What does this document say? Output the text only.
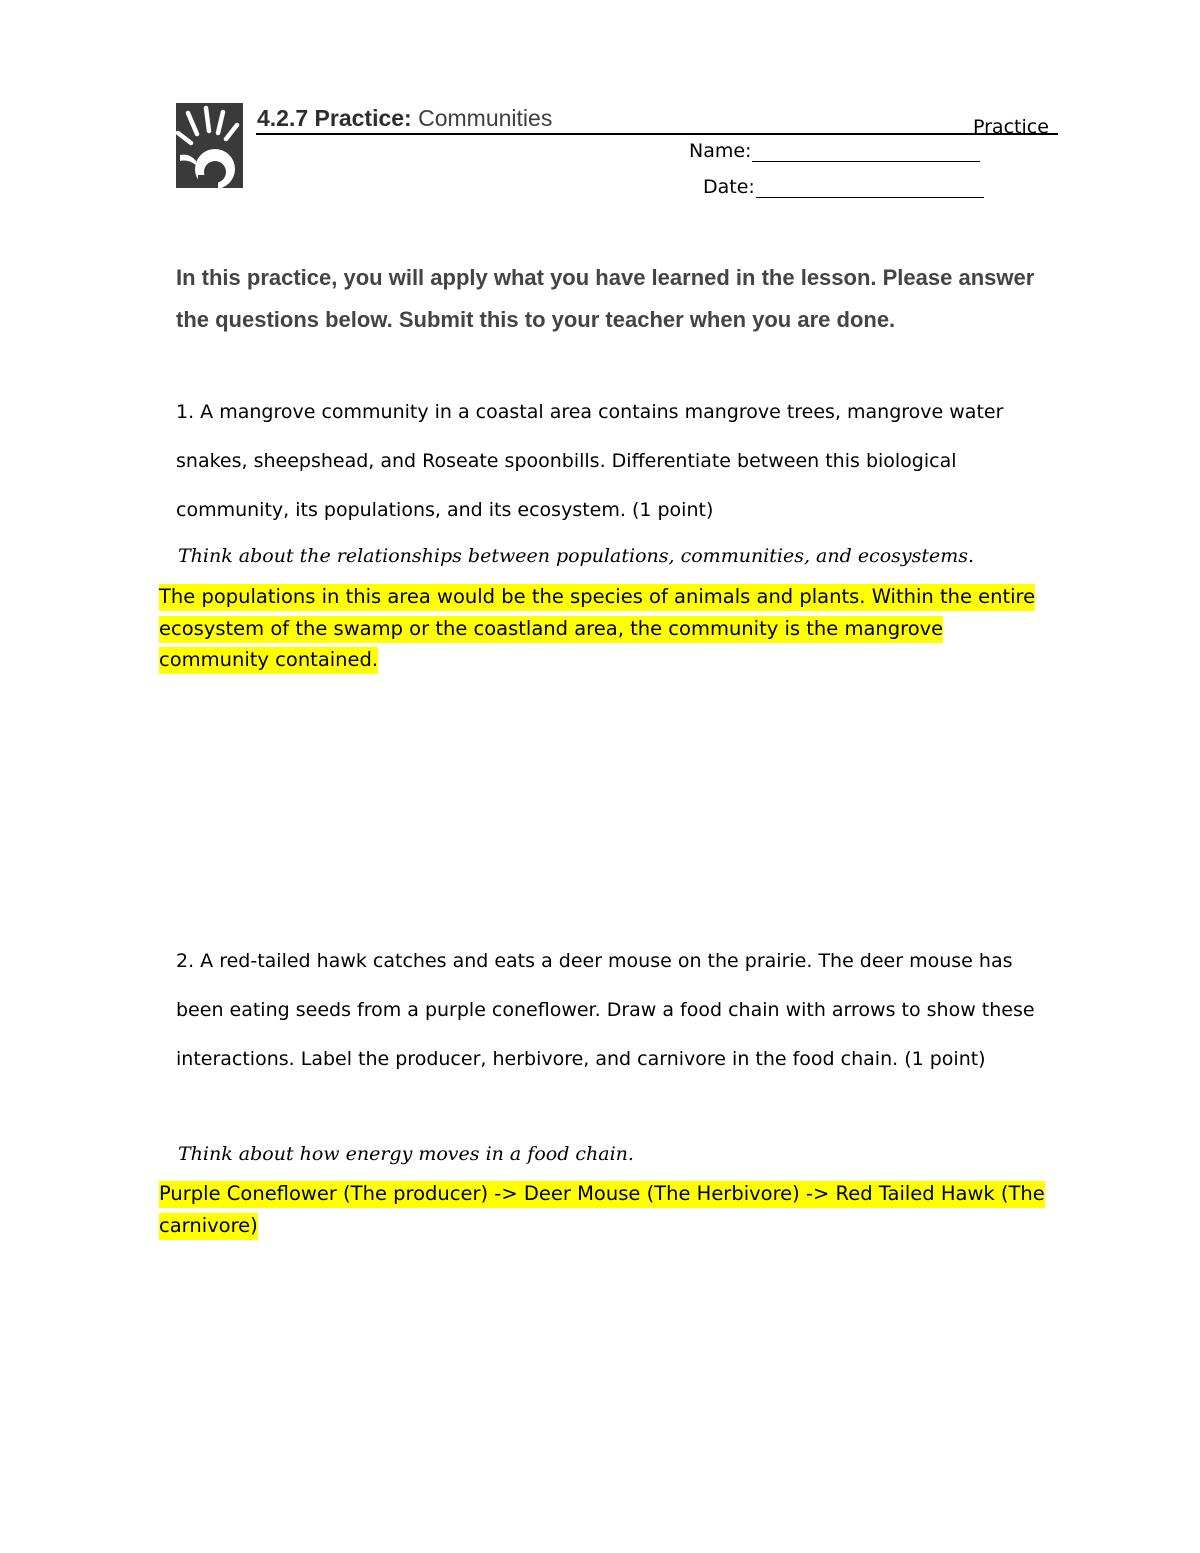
4.2.7 Practice: Communities	Practice
Name:
Date:
In this practice, you will apply what you have learned in the lesson. Please answer the questions below. Submit this to your teacher when you are done.
1. A mangrove community in a coastal area contains mangrove trees, mangrove water snakes, sheepshead, and Roseate spoonbills. Differentiate between this biological community, its populations, and its ecosystem. (1 point)
Think about the relationships between populations, communities, and ecosystems.
The populations in this area would be the species of animals and plants. Within the entire ecosystem of the swamp or the coastland area, the community is the mangrove community contained.
2. A red-tailed hawk catches and eats a deer mouse on the prairie. The deer mouse has been eating seeds from a purple coneflower. Draw a food chain with arrows to show these interactions. Label the producer, herbivore, and carnivore in the food chain. (1 point)
Think about how energy moves in a food chain.
Purple Coneflower (The producer) -> Deer Mouse (The Herbivore) -> Red Tailed Hawk (The carnivore)
